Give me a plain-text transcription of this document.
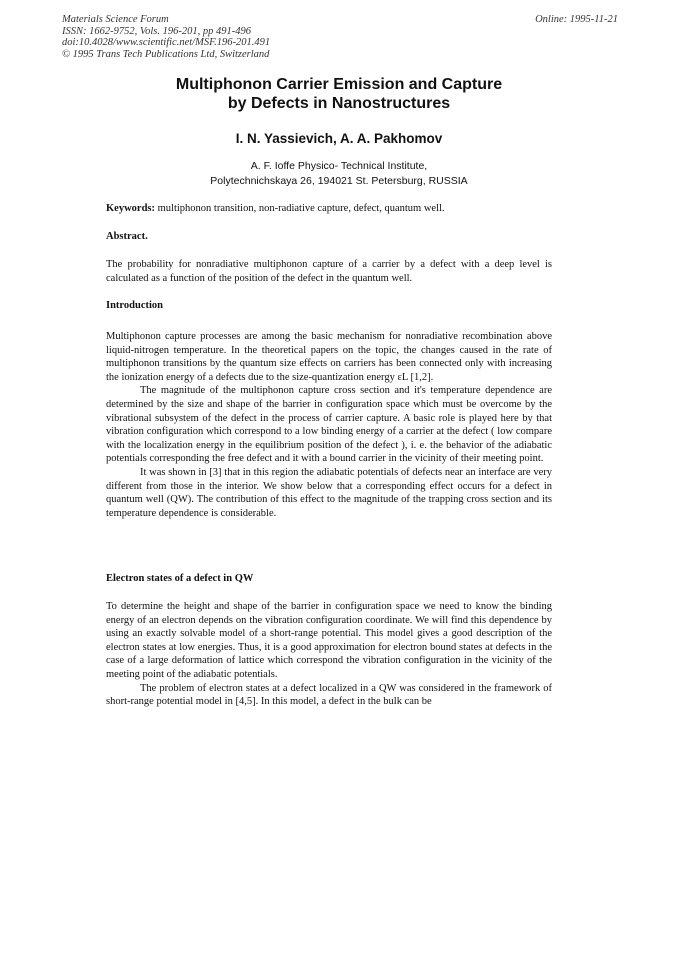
Materials Science Forum
ISSN: 1662-9752, Vols. 196-201, pp 491-496
doi:10.4028/www.scientific.net/MSF.196-201.491
© 1995 Trans Tech Publications Ltd, Switzerland
Online: 1995-11-21
Multiphonon Carrier Emission and Capture
by Defects in Nanostructures
I. N. Yassievich, A. A. Pakhomov
A. F. Ioffe Physico- Technical Institute,
Polytechnichskaya 26, 194021 St. Petersburg, RUSSIA
Keywords: multiphonon transition, non-radiative capture, defect, quantum well.
Abstract.

The probability for nonradiative multiphonon capture of a carrier by a defect with a deep level is calculated as a function of the position of the defect in the quantum well.

Introduction

Multiphonon capture processes are among the basic mechanism for nonradiative recombination above liquid-nitrogen temperature. In the theoretical papers on the topic, the changes caused in the rate of multiphonon transitions by the quantum size effects on carriers has been connected only with increasing the ionization energy of a defects due to the size-quantization energy εL [1,2].

The magnitude of the multiphonon capture cross section and it's temperature dependence are determined by the size and shape of the barrier in configuration space which must be overcome by the vibrational subsystem of the defect in the process of carrier capture. A basic role is played here by that vibration configuration which correspond to a low binding energy of a carrier at the defect ( low compare with the localization energy in the equilibrium position of the defect ), i. e. the behavior of the adiabatic potentials corresponding the free defect and it with a bound carrier in the vicinity of their meeting point.

It was shown in [3] that in this region the adiabatic potentials of defects near an interface are very different from those in the interior. We show below that a corresponding effect occurs for a defect in quantum well (QW). The contribution of this effect to the magnitude of the trapping cross section and its temperature dependence is considerable.

Electron states of a defect in QW

To determine the height and shape of the barrier in configuration space we need to know the binding energy of an electron depends on the vibration configuration coordinate. We will find this dependence by using an exactly solvable model of a short-range potential. This model gives a good description of the electron states at low energies. Thus, it is a good approximation for electron bound states at defects in the case of a large deformation of lattice which correspond the vibration configuration in the vicinity of the meeting point of the adiabatic potentials.

The problem of electron states at a defect localized in a QW was considered in the framework of short-range potential model in [4,5]. In this model, a defect in the bulk can be
